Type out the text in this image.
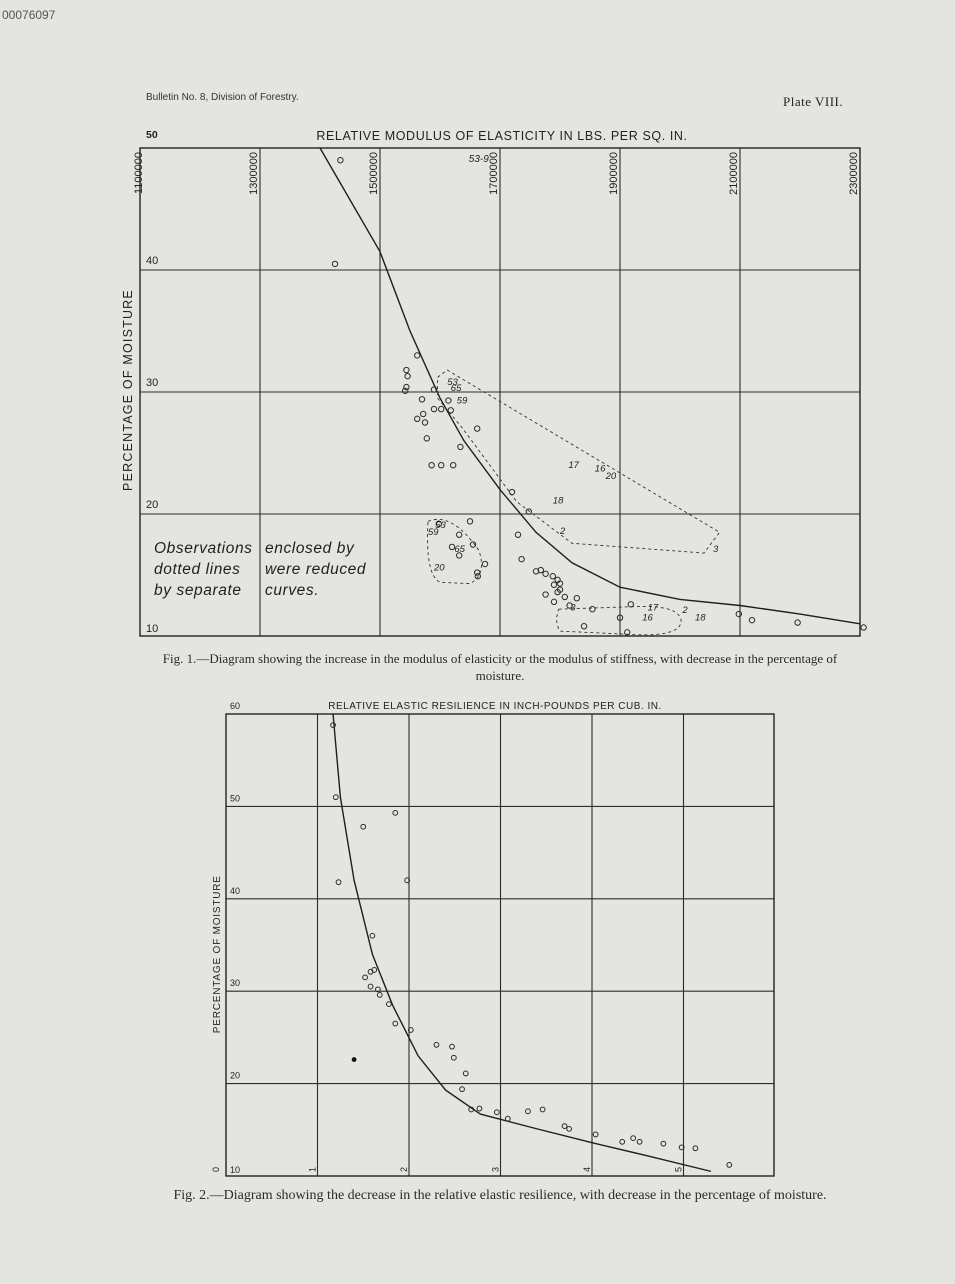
00076097
Bulletin No. 8, Division of Forestry.	Plate VIII.
RELATIVE MODULUS OF ELASTICITY IN LBS. PER SQ. IN.
1100000	1300000	1500000	1700000	1900000	2100000	2300000
10
20
30
40
50
PERCENTAGE OF MOISTURE
53-9
53
65
59
17 16
20
18
2
3
53
59
20
65
3	17
16
2
18
Observations enclosed by
dotted lines were reduced
by separate curves.
Fig. 1.—Diagram showing the increase in the modulus of elasticity or the modulus of stiffness, with decrease in the percentage of moisture.
RELATIVE ELASTIC RESILIENCE IN INCH-POUNDS PER CUB. IN.
0	1	2	3	4	5
10
20
30
40
50
60
PERCENTAGE OF MOISTURE
Fig. 2.—Diagram showing the decrease in the relative elastic resilience, with decrease in the percentage of moisture.
